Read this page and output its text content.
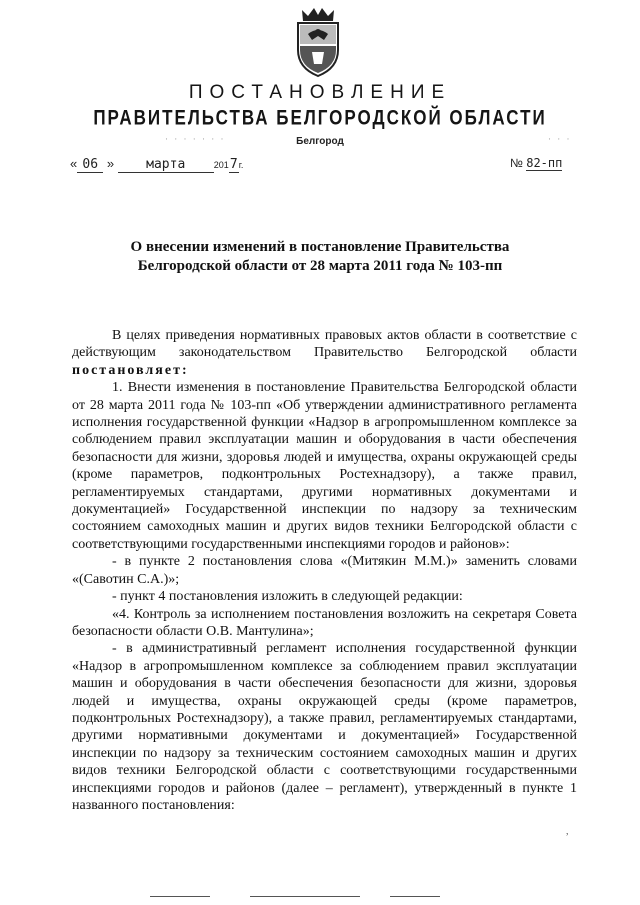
ПОСТАНОВЛЕНИЕ
ПРАВИТЕЛЬСТВА БЕЛГОРОДСКОЙ ОБЛАСТИ
· · · · · · ·	Белгород	· · ·
« 06 » марта	2017г.	№ 82-пп
О внесении изменений в постановление Правительства
Белгородской области от 28 марта 2011 года № 103-пп

В целях приведения нормативных правовых актов области в соответствие с действующим законодательством Правительство Белгородской области постановляет:

1. Внести изменения в постановление Правительства Белгородской области от 28 марта 2011 года № 103-пп «Об утверждении административного регламента исполнения государственной функции «Надзор в агропромышленном комплексе за соблюдением правил эксплуатации машин и оборудования в части обеспечения безопасности для жизни, здоровья людей и имущества, охраны окружающей среды (кроме параметров, подконтрольных Ростехнадзору), а также правил, регламентируемых стандартами, другими нормативных документами и документацией» Государственной инспекции по надзору за техническим состоянием самоходных машин и других видов техники Белгородской области с соответствующими государственными инспекциями городов и районов»:

- в пункте 2 постановления слова «(Митякин М.М.)» заменить словами «(Савотин С.А.)»;

- пункт 4 постановления изложить в следующей редакции:

«4. Контроль за исполнением постановления возложить на секретаря Совета безопасности области О.В. Мантулина»;

- в административный регламент исполнения государственной функции «Надзор в агропромышленном комплексе за соблюдением правил эксплуатации машин и оборудования в части обеспечения безопасности для жизни, здоровья людей и имущества, охраны окружающей среды (кроме параметров, подконтрольных Ростехнадзору), а также правил, регламентируемых стандартами, другими нормативными документами и документацией» Государственной инспекции по надзору за техническим состоянием самоходных машин и других видов техники Белгородской области с соответствующими государственными инспекциями городов и районов (далее – регламент), утвержденный в пункте 1 названного постановления:

,
